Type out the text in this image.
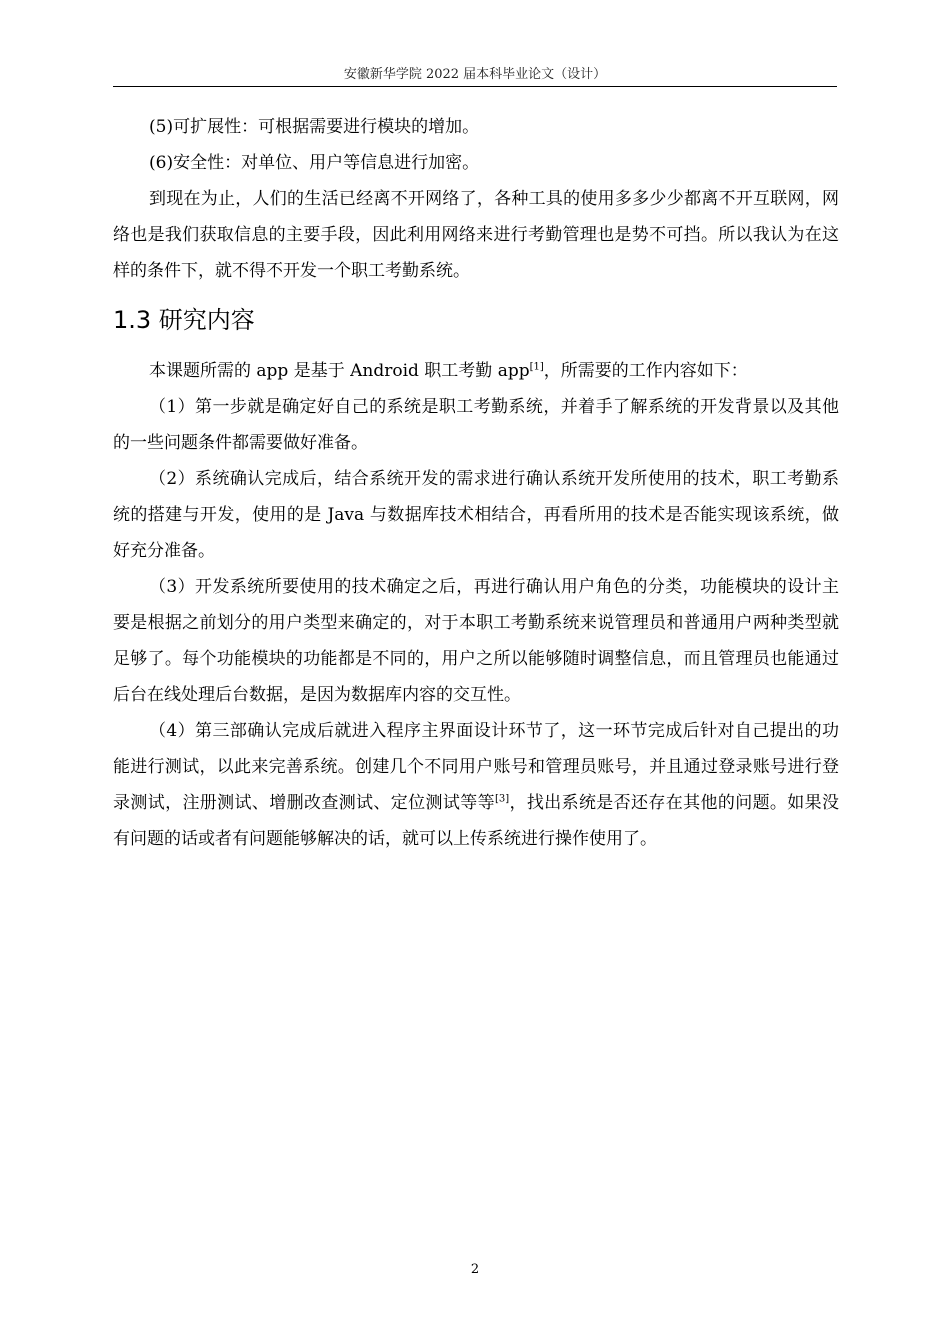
安徽新华学院 2022 届本科毕业论文（设计）

(5)可扩展性：可根据需要进行模块的增加。

(6)安全性：对单位、用户等信息进行加密。

到现在为止，人们的生活已经离不开网络了，各种工具的使用多多少少都离不开互联网，网络也是我们获取信息的主要手段，因此利用网络来进行考勤管理也是势不可挡。所以我认为在这样的条件下，就不得不开发一个职工考勤系统。

1.3 研究内容

本课题所需的 app 是基于 Android 职工考勤 app[1]，所需要的工作内容如下：

（1）第一步就是确定好自己的系统是职工考勤系统，并着手了解系统的开发背景以及其他的一些问题条件都需要做好准备。

（2）系统确认完成后，结合系统开发的需求进行确认系统开发所使用的技术，职工考勤系统的搭建与开发，使用的是 Java 与数据库技术相结合，再看所用的技术是否能实现该系统，做好充分准备。

（3）开发系统所要使用的技术确定之后，再进行确认用户角色的分类，功能模块的设计主要是根据之前划分的用户类型来确定的，对于本职工考勤系统来说管理员和普通用户两种类型就足够了。每个功能模块的功能都是不同的，用户之所以能够随时调整信息，而且管理员也能通过后台在线处理后台数据，是因为数据库内容的交互性。

（4）第三部确认完成后就进入程序主界面设计环节了，这一环节完成后针对自己提出的功能进行测试，以此来完善系统。创建几个不同用户账号和管理员账号，并且通过登录账号进行登录测试，注册测试、增删改查测试、定位测试等等[3]，找出系统是否还存在其他的问题。如果没有问题的话或者有问题能够解决的话，就可以上传系统进行操作使用了。

2
